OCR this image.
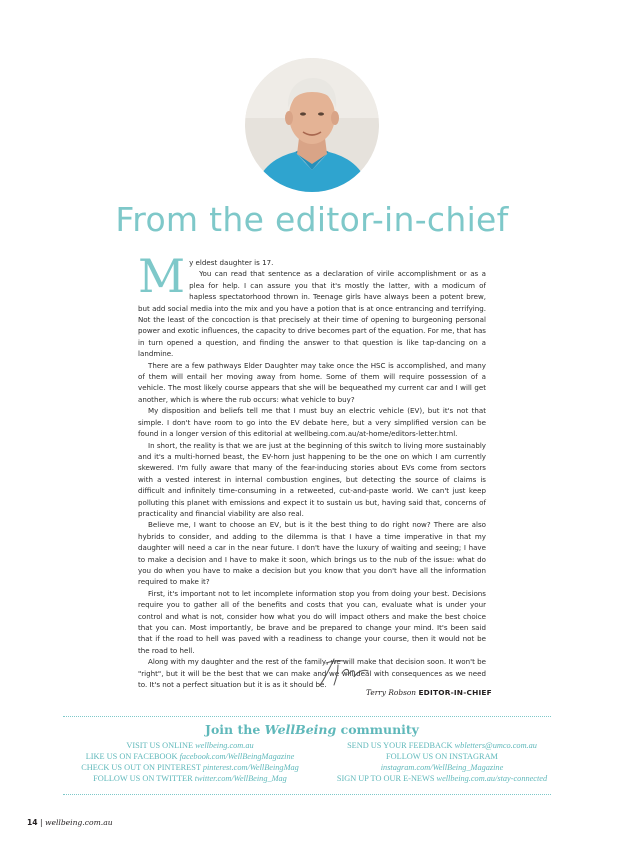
From the editor-in-chief

My eldest daughter is 17.

You can read that sentence as a declaration of virile accomplishment or as a plea for help. I can assure you that it's mostly the latter, with a modicum of hapless spectatorhood thrown in. Teenage girls have always been a potent brew, but add social media into the mix and you have a potion that is at once entrancing and terrifying. Not the least of the concoction is that precisely at their time of opening to burgeoning personal power and exotic influences, the capacity to drive becomes part of the equation. For me, that has in turn opened a question, and finding the answer to that question is like tap-dancing on a landmine.

There are a few pathways Elder Daughter may take once the HSC is accomplished, and many of them will entail her moving away from home. Some of them will require possession of a vehicle. The most likely course appears that she will be bequeathed my current car and I will get another, which is where the rub occurs: what vehicle to buy?

My disposition and beliefs tell me that I must buy an electric vehicle (EV), but it's not that simple. I don't have room to go into the EV debate here, but a very simplified version can be found in a longer version of this editorial at wellbeing.com.au/at-home/editors-letter.html.

In short, the reality is that we are just at the beginning of this switch to living more sustainably and it's a multi-horned beast, the EV-horn just happening to be the one on which I am currently skewered. I'm fully aware that many of the fear-inducing stories about EVs come from sectors with a vested interest in internal combustion engines, but detecting the source of claims is difficult and infinitely time-consuming in a retweeted, cut-and-paste world. We can't just keep polluting this planet with emissions and expect it to sustain us but, having said that, concerns of practicality and financial viability are also real.

Believe me, I want to choose an EV, but is it the best thing to do right now? There are also hybrids to consider, and adding to the dilemma is that I have a time imperative in that my daughter will need a car in the near future. I don't have the luxury of waiting and seeing; I have to make a decision and I have to make it soon, which brings us to the nub of the issue: what do you do when you have to make a decision but you know that you don't have all the information required to make it?

First, it's important not to let incomplete information stop you from doing your best. Decisions require you to gather all of the benefits and costs that you can, evaluate what is under your control and what is not, consider how what you do will impact others and make the best choice that you can. Most importantly, be brave and be prepared to change your mind. It's been said that if the road to hell was paved with a readiness to change your course, then it would not be the road to hell.

Along with my daughter and the rest of the family, we will make that decision soon. It won't be "right", but it will be the best that we can make and we will deal with consequences as we need to. It's not a perfect situation but it is as it should be.

Terry Robson EDITOR-IN-CHIEF
Join the WellBeing community
VISIT US ONLINE wellbeing.com.au
LIKE US ON FACEBOOK facebook.com/WellBeingMagazine
CHECK US OUT ON PINTEREST pinterest.com/WellBeingMag
FOLLOW US ON TWITTER twitter.com/WellBeing_Mag
SEND US YOUR FEEDBACK wbletters@umco.com.au
FOLLOW US ON INSTAGRAM
instagram.com/WellBeing_Magazine
SIGN UP TO OUR E-NEWS wellbeing.com.au/stay-connected
14 | wellbeing.com.au
